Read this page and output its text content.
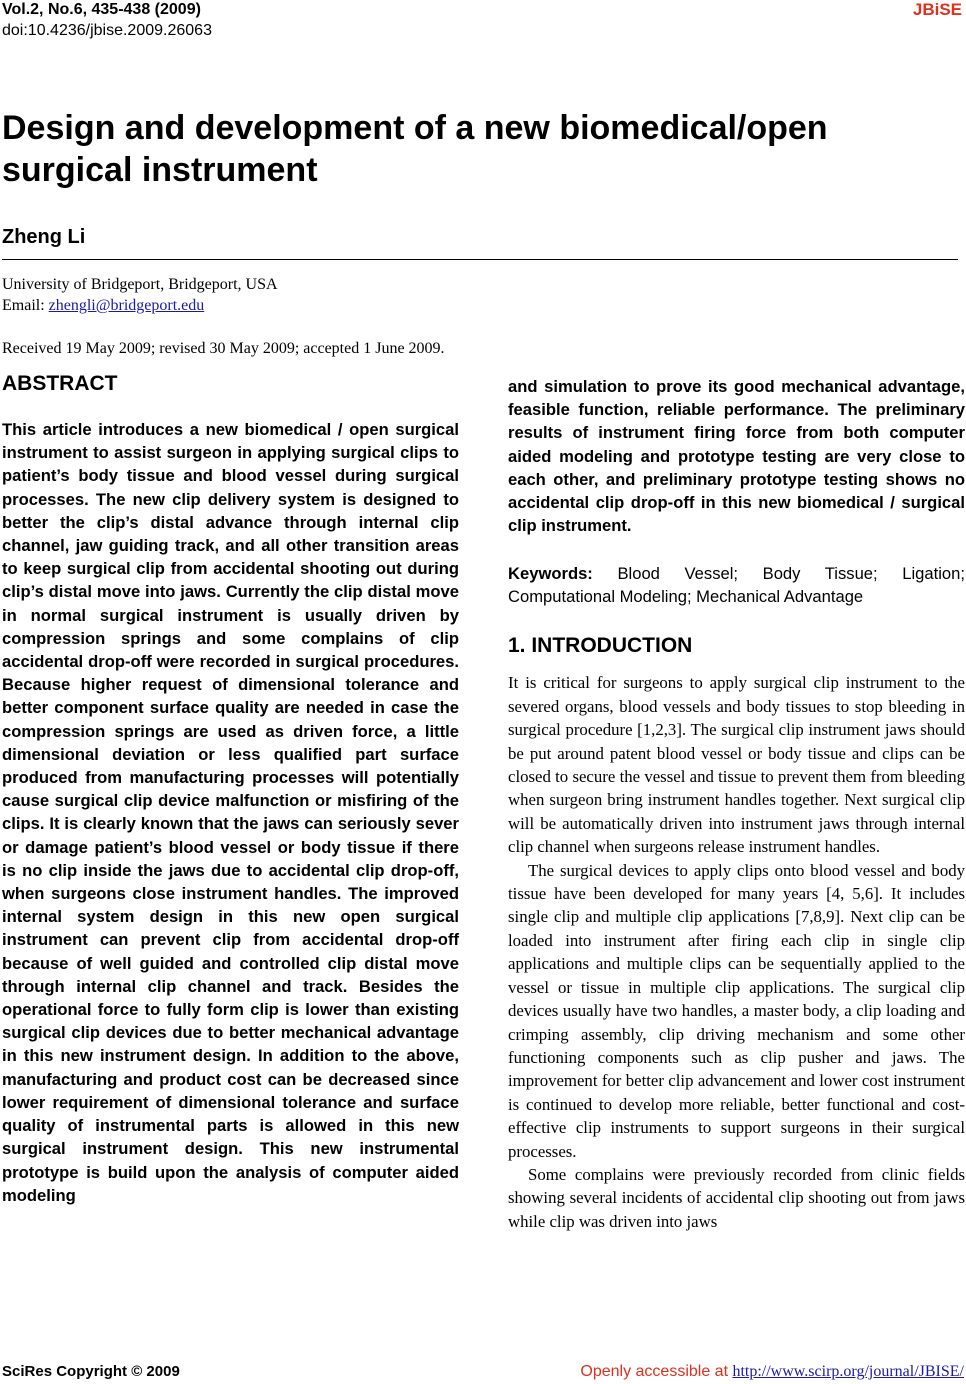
Vol.2, No.6, 435-438 (2009)
doi:10.4236/jbise.2009.26063
JBiSE
Design and development of a new biomedical/open surgical instrument
Zheng Li
University of Bridgeport, Bridgeport, USA
Email: zhengli@bridgeport.edu
Received 19 May 2009; revised 30 May 2009; accepted 1 June 2009.
ABSTRACT

This article introduces a new biomedical / open surgical instrument to assist surgeon in applying surgical clips to patient’s body tissue and blood vessel during surgical processes. The new clip delivery system is designed to better the clip’s distal advance through internal clip channel, jaw guiding track, and all other transition areas to keep surgical clip from accidental shooting out during clip’s distal move into jaws. Currently the clip distal move in normal surgical instrument is usually driven by compression springs and some complains of clip accidental drop-off were recorded in surgical procedures. Because higher request of dimensional tolerance and better component surface quality are needed in case the compression springs are used as driven force, a little dimensional deviation or less qualified part surface produced from manufacturing processes will potentially cause surgical clip device malfunction or misfiring of the clips. It is clearly known that the jaws can seriously sever or damage patient’s blood vessel or body tissue if there is no clip inside the jaws due to accidental clip drop-off, when surgeons close instrument handles. The improved internal system design in this new open surgical instrument can prevent clip from accidental drop-off because of well guided and controlled clip distal move through internal clip channel and track. Besides the operational force to fully form clip is lower than existing surgical clip devices due to better mechanical advantage in this new instrument design. In addition to the above, manufacturing and product cost can be decreased since lower requirement of dimensional tolerance and surface quality of instrumental parts is allowed in this new surgical instrument design. This new instrumental prototype is build upon the analysis of computer aided modeling

and simulation to prove its good mechanical advantage, feasible function, reliable performance. The preliminary results of instrument firing force from both computer aided modeling and prototype testing are very close to each other, and preliminary prototype testing shows no accidental clip drop-off in this new biomedical / surgical clip instrument.

Keywords: Blood Vessel; Body Tissue; Ligation; Computational Modeling; Mechanical Advantage

1. INTRODUCTION

It is critical for surgeons to apply surgical clip instrument to the severed organs, blood vessels and body tissues to stop bleeding in surgical procedure [1,2,3]. The surgical clip instrument jaws should be put around patent blood vessel or body tissue and clips can be closed to secure the vessel and tissue to prevent them from bleeding when surgeon bring instrument handles together. Next surgical clip will be automatically driven into instrument jaws through internal clip channel when surgeons release instrument handles.

The surgical devices to apply clips onto blood vessel and body tissue have been developed for many years [4, 5,6]. It includes single clip and multiple clip applications [7,8,9]. Next clip can be loaded into instrument after firing each clip in single clip applications and multiple clips can be sequentially applied to the vessel or tissue in multiple clip applications. The surgical clip devices usually have two handles, a master body, a clip loading and crimping assembly, clip driving mechanism and some other functioning components such as clip pusher and jaws. The improvement for better clip advancement and lower cost instrument is continued to develop more reliable, better functional and cost-effective clip instruments to support surgeons in their surgical processes.

Some complains were previously recorded from clinic fields showing several incidents of accidental clip shooting out from jaws while clip was driven into jaws

SciRes Copyright © 2009	Openly accessible at http://www.scirp.org/journal/JBISE/
